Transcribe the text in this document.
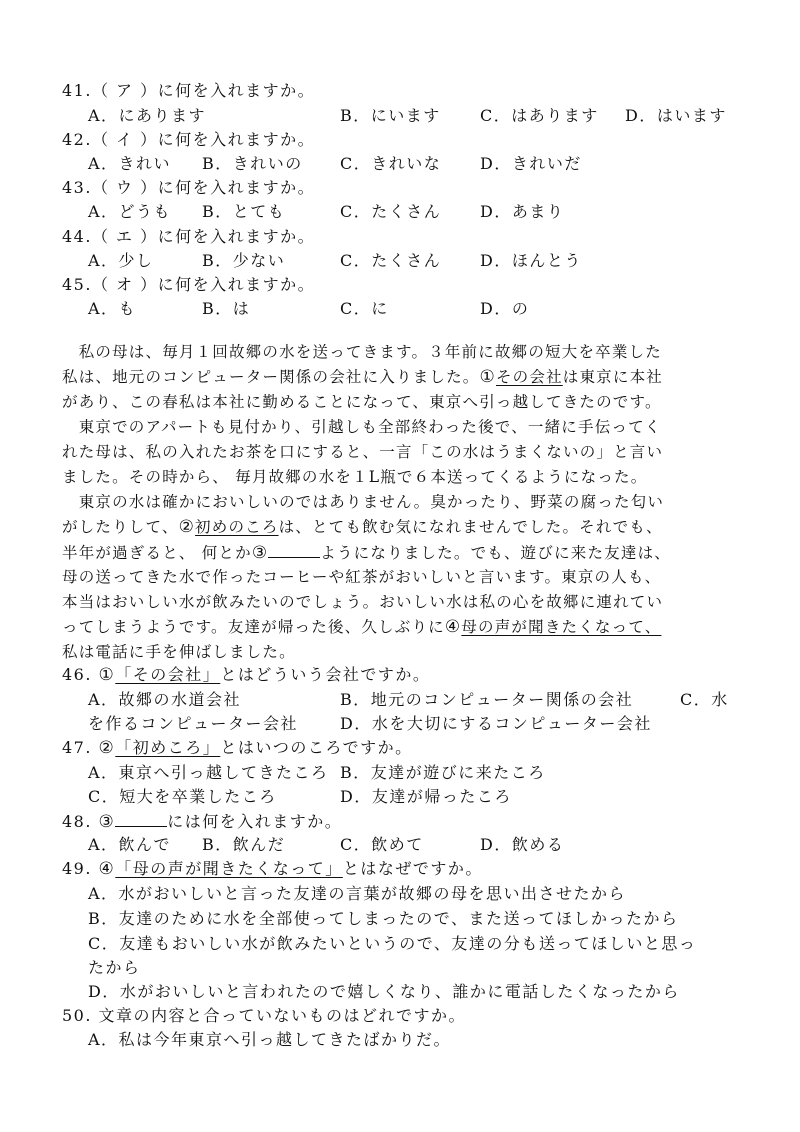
41.（ ア ）に何を入れますか。
A．にあります	B．にいます C．はあります D．はいます
42.（ イ ）に何を入れますか。
A．きれい B．きれいの C．きれいな D．きれいだ
43.（ ウ ）に何を入れますか。
A．どうも B．とても	C．たくさん D．あまり
44.（ エ ）に何を入れますか。
A．少し	B．少ない	C．たくさん D．ほんとう
45.（ オ ）に何を入れますか。
A．も	B．は	C．に	D．の
　私の母は、毎月１回故郷の水を送ってきます。３年前に故郷の短大を卒業した
私は、地元のコンピューター関係の会社に入りました。①その会社は東京に本社
があり、この春私は本社に勤めることになって、東京へ引っ越してきたのです。
　東京でのアパートも見付かり、引越しも全部終わった後で、一緒に手伝ってく
れた母は、私の入れたお茶を口にすると、一言「この水はうまくないの」と言い
ました。その時から、 毎月故郷の水を１L瓶で６本送ってくるようになった。
　東京の水は確かにおいしいのではありません。臭かったり、野菜の腐った匂い
がしたりして、②初めのころは、とても飲む気になれませんでした。それでも、
半年が過ぎると、 何とか③	ようになりました。でも、遊びに来た友達は、
母の送ってきた水で作ったコーヒーや紅茶がおいしいと言います。東京の人も、
本当はおいしい水が飲みたいのでしょう。おいしい水は私の心を故郷に連れてい
ってしまうようです。友達が帰った後、久しぶりに④母の声が聞きたくなって、
私は電話に手を伸ばしました。
46. ①「その会社」とはどういう会社ですか。
A．故郷の水道会社	B．地元のコンピューター関係の会社	C．水
を作るコンピューター会社	D．水を大切にするコンピューター会社
47. ②「初めころ」とはいつのころですか。
A．東京へ引っ越してきたころ B．友達が遊びに来たころ
C．短大を卒業したころ	D．友達が帰ったころ
48. ③	には何を入れますか。
A．飲んで B．飲んだ	C．飲めて	D．飲める
49. ④「母の声が聞きたくなって」とはなぜですか。
A．水がおいしいと言った友達の言葉が故郷の母を思い出させたから
B．友達のために水を全部使ってしまったので、また送ってほしかったから
C．友達もおいしい水が飲みたいというので、友達の分も送ってほしいと思っ
たから
D．水がおいしいと言われたので嬉しくなり、誰かに電話したくなったから
50. 文章の内容と合っていないものはどれですか。
A．私は今年東京へ引っ越してきたばかりだ。
